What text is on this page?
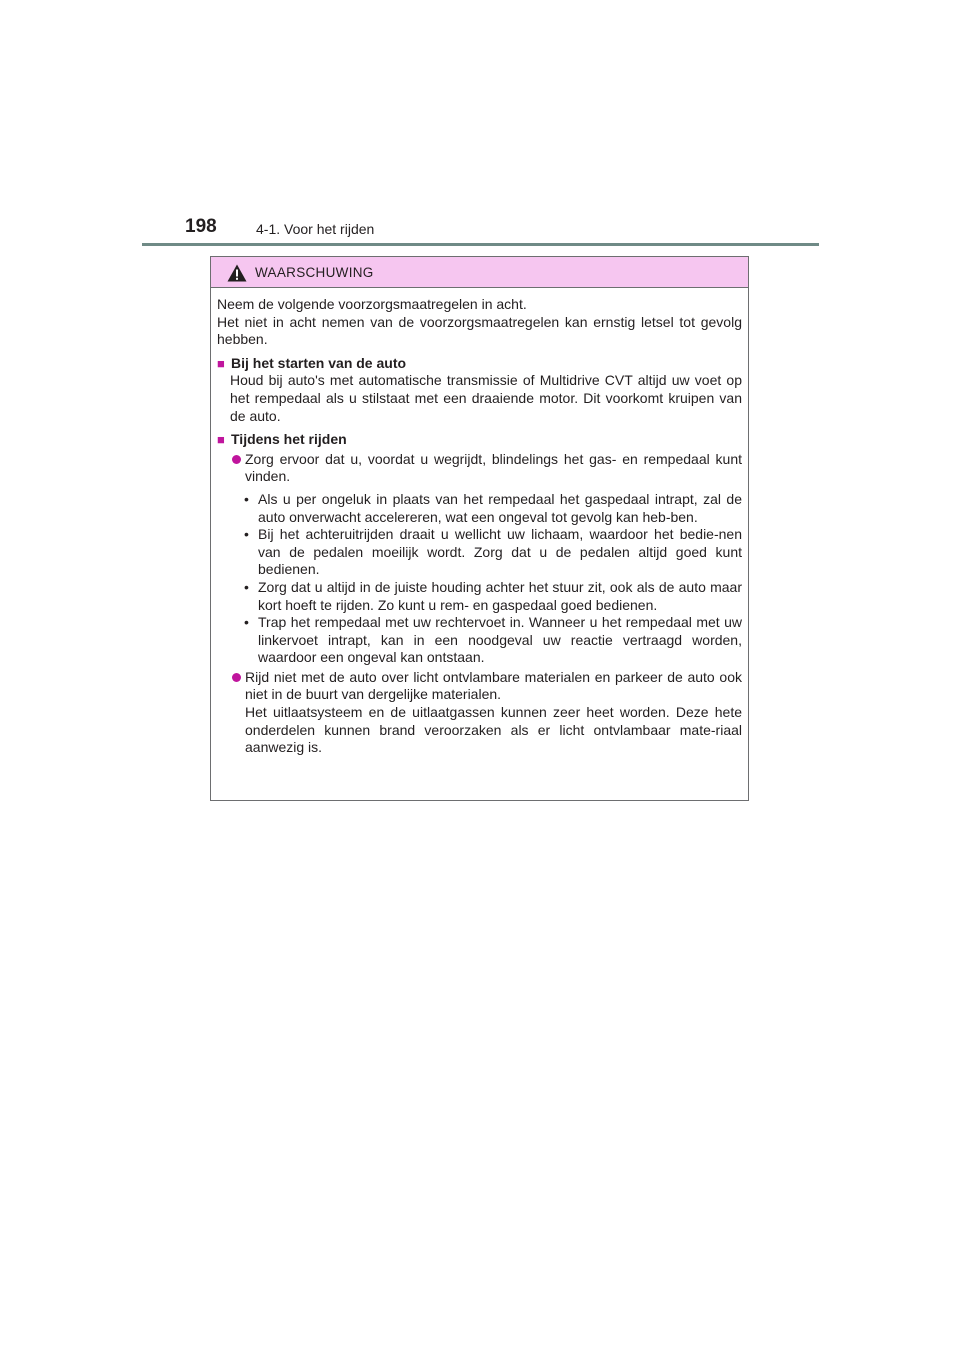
198	4-1. Voor het rijden
WAARSCHUWING

Neem de volgende voorzorgsmaatregelen in acht.

Het niet in acht nemen van de voorzorgsmaatregelen kan ernstig letsel tot gevolg hebben.

■ Bij het starten van de auto
Houd bij auto's met automatische transmissie of Multidrive CVT altijd uw voet op het rempedaal als u stilstaat met een draaiende motor. Dit voorkomt kruipen van de auto.
■ Tijdens het rijden
Zorg ervoor dat u, voordat u wegrijdt, blindelings het gas- en rempedaal kunt vinden.
• Als u per ongeluk in plaats van het rempedaal het gaspedaal intrapt, zal de auto onverwacht accelereren, wat een ongeval tot gevolg kan heb-ben.
• Bij het achteruitrijden draait u wellicht uw lichaam, waardoor het bedie-nen van de pedalen moeilijk wordt. Zorg dat u de pedalen altijd goed kunt bedienen.
• Zorg dat u altijd in de juiste houding achter het stuur zit, ook als de auto maar kort hoeft te rijden. Zo kunt u rem- en gaspedaal goed bedienen.
• Trap het rempedaal met uw rechtervoet in. Wanneer u het rempedaal met uw linkervoet intrapt, kan in een noodgeval uw reactie vertraagd worden, waardoor een ongeval kan ontstaan.
Rijd niet met de auto over licht ontvlambare materialen en parkeer de auto ook niet in de buurt van dergelijke materialen.
Het uitlaatsysteem en de uitlaatgassen kunnen zeer heet worden. Deze hete onderdelen kunnen brand veroorzaken als er licht ontvlambaar mate-riaal aanwezig is.
